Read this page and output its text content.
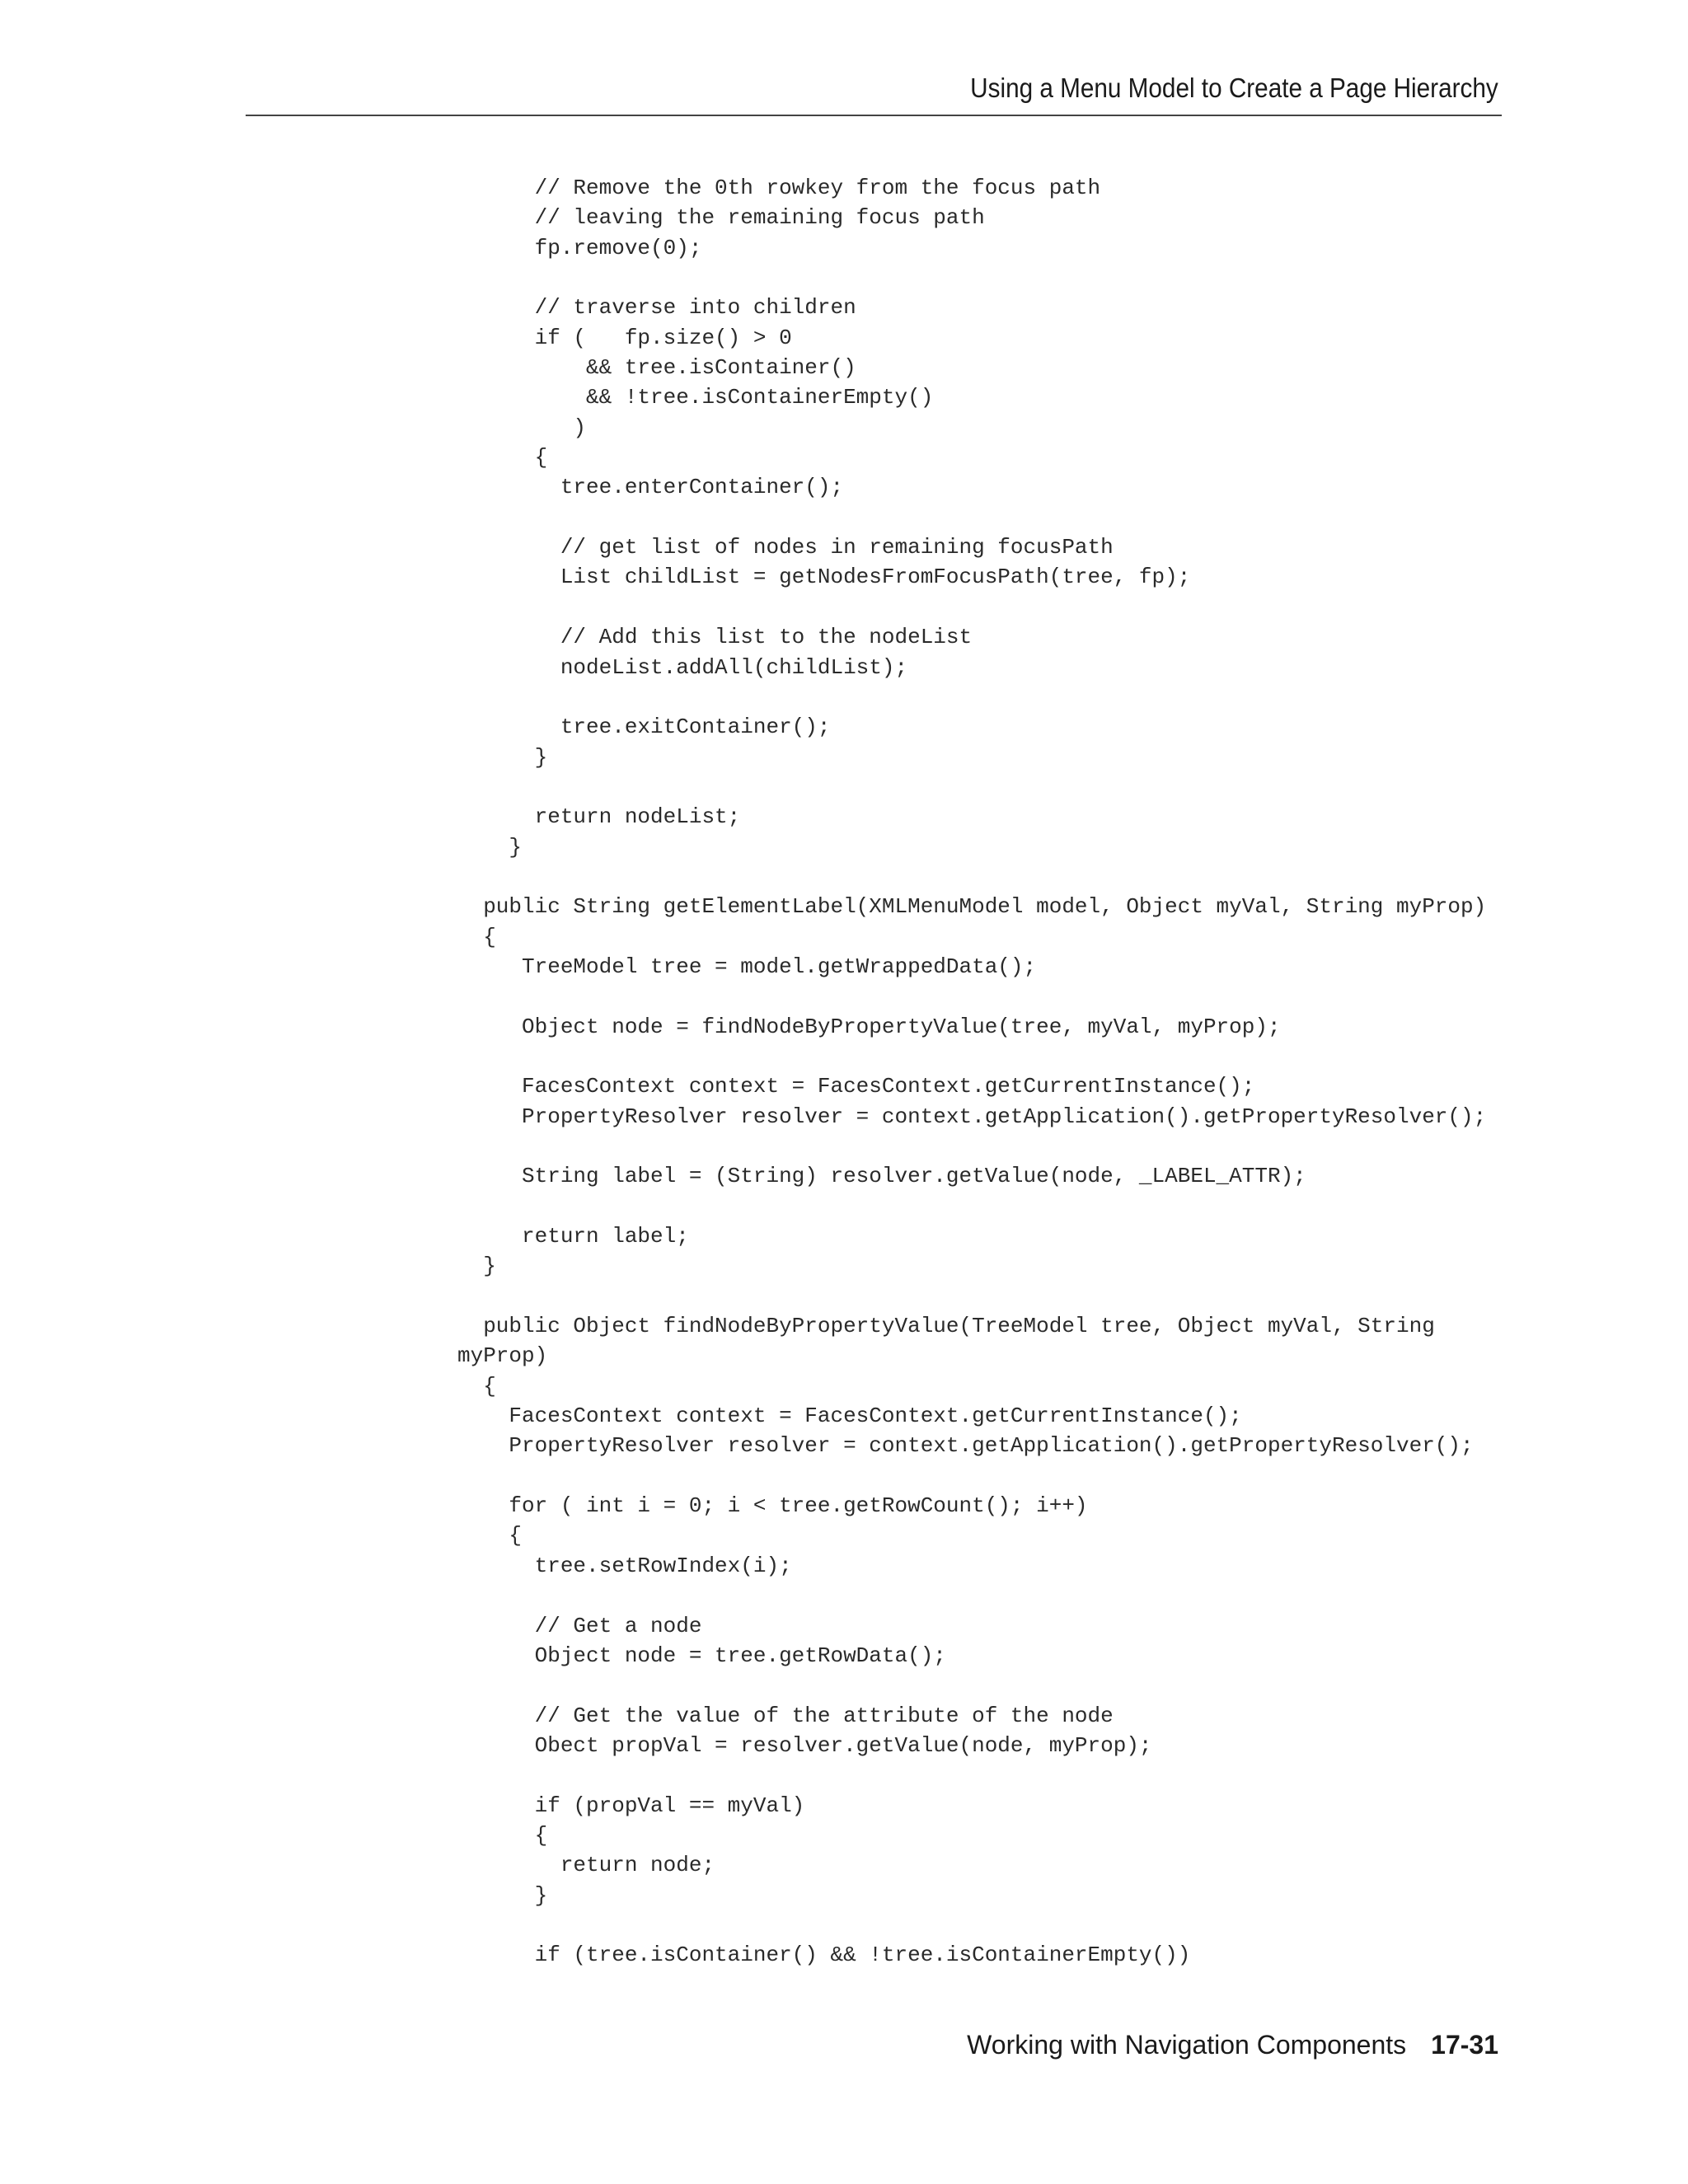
Using a Menu Model to Create a Page Hierarchy
// Remove the 0th rowkey from the focus path
// leaving the remaining focus path
fp.remove(0);
// traverse into children
if (   fp.size() > 0
&& tree.isContainer()
&& !tree.isContainerEmpty()
)
{
tree.enterContainer();
// get list of nodes in remaining focusPath
List childList = getNodesFromFocusPath(tree, fp);
// Add this list to the nodeList
nodeList.addAll(childList);
tree.exitContainer();
}
return nodeList;
}
public String getElementLabel(XMLMenuModel model, Object myVal, String myProp)
{
TreeModel tree = model.getWrappedData();
Object node = findNodeByPropertyValue(tree, myVal, myProp);
FacesContext context = FacesContext.getCurrentInstance();
PropertyResolver resolver = context.getApplication().getPropertyResolver();
String label = (String) resolver.getValue(node, _LABEL_ATTR);
return label;
}
public Object findNodeByPropertyValue(TreeModel tree, Object myVal, String
myProp)
{
FacesContext context = FacesContext.getCurrentInstance();
PropertyResolver resolver = context.getApplication().getPropertyResolver();
for ( int i = 0; i < tree.getRowCount(); i++)
{
tree.setRowIndex(i);
// Get a node
Object node = tree.getRowData();
// Get the value of the attribute of the node
Obect propVal = resolver.getValue(node, myProp);
if (propVal == myVal)
{
return node;
}
if (tree.isContainer() && !tree.isContainerEmpty())
Working with Navigation Components 17-31
